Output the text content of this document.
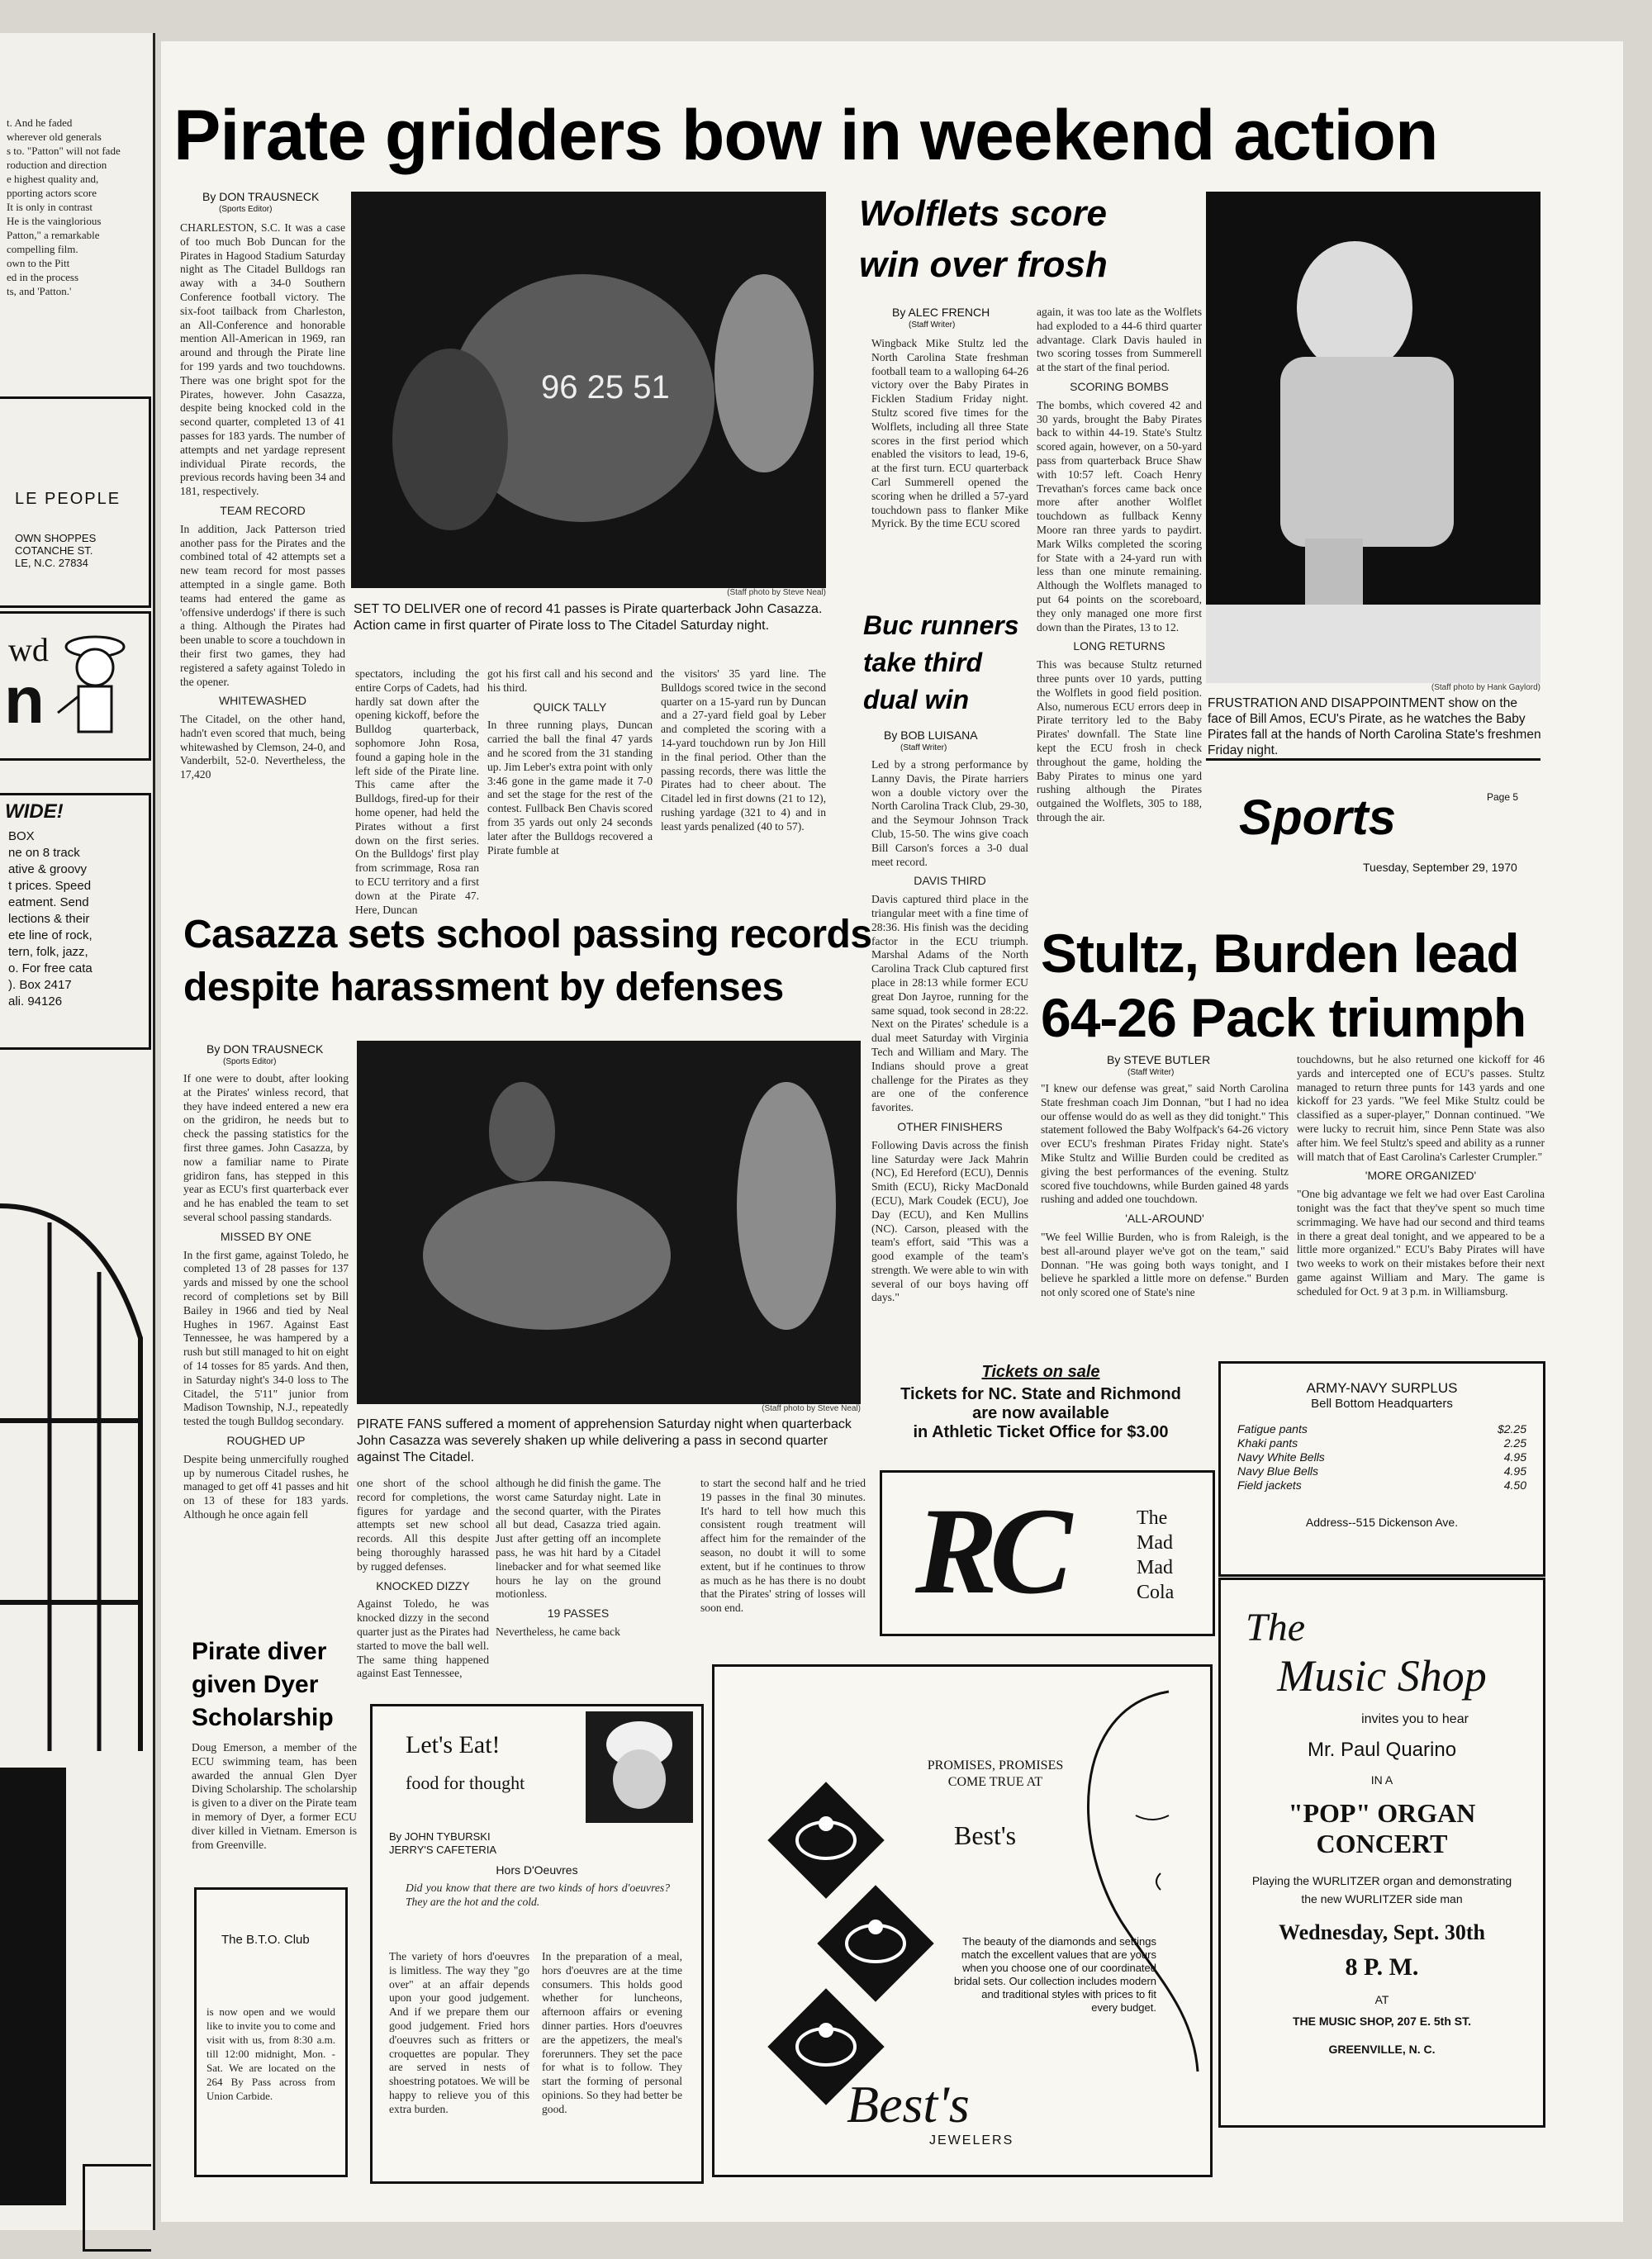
t. And he faded
wherever old generals
s to. "Patton" will not fade
roduction and direction
e highest quality and,
pporting actors score
It is only in contrast
He is the vainglorious
Patton," a remarkable
compelling film.
own to the Pitt
ed in the process
ts, and 'Patton.'
LE PEOPLE
OWN SHOPPES
COTANCHE ST.
LE, N.C. 27834
wd
n
WIDE!
BOX
ne on 8 track
ative & groovy
t prices. Speed
eatment. Send
lections & their
ete line of rock,
tern, folk, jazz,
o. For free cata
). Box 2417
ali. 94126
Pirate gridders bow in weekend action
By DON TRAUSNECK
(Sports Editor)
CHARLESTON, S.C. It was a case of too much Bob Duncan for the Pirates in Hagood Stadium Saturday night as The Citadel Bulldogs ran away with a 34-0 Southern Conference football victory. The six-foot tailback from Charleston, an All-Conference and honorable mention All-American in 1969, ran around and through the Pirate line for 199 yards and two touchdowns. There was one bright spot for the Pirates, however. John Casazza, despite being knocked cold in the second quarter, completed 13 of 41 passes for 183 yards. The number of attempts and net yardage represent individual Pirate records, the previous records having been 34 and 181, respectively.
TEAM RECORD
In addition, Jack Patterson tried another pass for the Pirates and the combined total of 42 attempts set a new team record for most passes attempted in a single game. Both teams had entered the game as 'offensive underdogs' if there is such a thing. Although the Pirates had been unable to score a touchdown in their first two games, they had registered a safety against Toledo in the opener.
WHITEWASHED
The Citadel, on the other hand, hadn't even scored that much, being whitewashed by Clemson, 24-0, and Vanderbilt, 52-0. Nevertheless, the 17,420
96 25 51
(Staff photo by Steve Neal)
SET TO DELIVER one of record 41 passes is Pirate quarterback John Casazza. Action came in first quarter of Pirate loss to The Citadel Saturday night.
spectators, including the entire Corps of Cadets, had hardly sat down after the opening kickoff, before the Bulldog quarterback, sophomore John Rosa, found a gaping hole in the left side of the Pirate line. This came after the Bulldogs, fired-up for their home opener, had held the Pirates without a first down on the first series. On the Bulldogs' first play from scrimmage, Rosa ran to ECU territory and a first down at the Pirate 47. Here, Duncan
got his first call and his second and his third.
QUICK TALLY
In three running plays, Duncan carried the ball the final 47 yards and he scored from the 31 standing up. Jim Leber's extra point with only 3:46 gone in the game made it 7-0 and set the stage for the rest of the contest. Fullback Ben Chavis scored from 35 yards out only 24 seconds later after the Bulldogs recovered a Pirate fumble at
the visitors' 35 yard line. The Bulldogs scored twice in the second quarter on a 15-yard run by Duncan and a 27-yard field goal by Leber and completed the scoring with a 14-yard touchdown run by Jon Hill in the final period. Other than the passing records, there was little the Pirates had to cheer about. The Citadel led in first downs (21 to 12), rushing yardage (321 to 4) and in least yards penalized (40 to 57).
Wolflets score
win over frosh
By ALEC FRENCH
(Staff Writer)
Wingback Mike Stultz led the North Carolina State freshman football team to a walloping 64-26 victory over the Baby Pirates in Ficklen Stadium Friday night. Stultz scored five times for the Wolflets, including all three State scores in the first period which enabled the visitors to lead, 19-6, at the first turn. ECU quarterback Carl Summerell opened the scoring when he drilled a 57-yard touchdown pass to flanker Mike Myrick. By the time ECU scored
again, it was too late as the Wolflets had exploded to a 44-6 third quarter advantage. Clark Davis hauled in two scoring tosses from Summerell at the start of the final period.
SCORING BOMBS
The bombs, which covered 42 and 30 yards, brought the Baby Pirates back to within 44-19. State's Stultz scored again, however, on a 50-yard pass from quarterback Bruce Shaw with 10:57 left. Coach Henry Trevathan's forces came back once more after another Wolflet touchdown as fullback Kenny Moore ran three yards to paydirt. Mark Wilks completed the scoring for State with a 24-yard run with less than one minute remaining. Although the Wolflets managed to put 64 points on the scoreboard, they only managed one more first down than the Pirates, 13 to 12.
LONG RETURNS
This was because Stultz returned three punts over 10 yards, putting the Wolflets in good field position. Also, numerous ECU errors deep in Pirate territory led to the Baby Pirates' downfall. The State line kept the ECU frosh in check throughout the game, holding the Baby Pirates to minus one yard rushing although the Pirates outgained the Wolflets, 305 to 188, through the air.
(Staff photo by Hank Gaylord)
FRUSTRATION AND DISAPPOINTMENT show on the face of Bill Amos, ECU's Pirate, as he watches the Baby Pirates fall at the hands of North Carolina State's freshmen Friday night.
Buc runners
take third
dual win
By BOB LUISANA
(Staff Writer)
Led by a strong performance by Lanny Davis, the Pirate harriers won a double victory over the North Carolina Track Club, 29-30, and the Seymour Johnson Track Club, 15-50. The wins give coach Bill Carson's forces a 3-0 dual meet record.
DAVIS THIRD
Davis captured third place in the triangular meet with a fine time of 28:36. His finish was the deciding factor in the ECU triumph. Marshal Adams of the North Carolina Track Club captured first place in 28:13 while former ECU great Don Jayroe, running for the same squad, took second in 28:22. Next on the Pirates' schedule is a dual meet Saturday with Virginia Tech and William and Mary. The Indians should prove a great challenge for the Pirates as they are one of the conference favorites.
OTHER FINISHERS
Following Davis across the finish line Saturday were Jack Mahrin (NC), Ed Hereford (ECU), Dennis Smith (ECU), Ricky MacDonald (ECU), Mark Coudek (ECU), Joe Day (ECU), and Ken Mullins (NC). Carson, pleased with the team's effort, said "This was a good example of the team's strength. We were able to win with several of our boys having off days."
Sports	Page 5
Tuesday, September 29, 1970
Casazza sets school passing records
despite harassment by defenses
By DON TRAUSNECK
(Sports Editor)
If one were to doubt, after looking at the Pirates' winless record, that they have indeed entered a new era on the gridiron, he needs but to check the passing statistics for the first three games. John Casazza, by now a familiar name to Pirate gridiron fans, has stepped in this year as ECU's first quarterback ever and he has enabled the team to set several school passing standards.
MISSED BY ONE
In the first game, against Toledo, he completed 13 of 28 passes for 137 yards and missed by one the school record of completions set by Bill Bailey in 1966 and tied by Neal Hughes in 1967. Against East Tennessee, he was hampered by a rush but still managed to hit on eight of 14 tosses for 85 yards. And then, in Saturday night's 34-0 loss to The Citadel, the 5'11" junior from Madison Township, N.J., repeatedly tested the tough Bulldog secondary.
ROUGHED UP
Despite being unmercifully roughed up by numerous Citadel rushes, he managed to get off 41 passes and hit on 13 of these for 183 yards. Although he once again fell
(Staff photo by Steve Neal)
PIRATE FANS suffered a moment of apprehension Saturday night when quarterback John Casazza was severely shaken up while delivering a pass in second quarter against The Citadel.
one short of the school record for completions, the figures for yardage and attempts set new school records. All this despite being thoroughly harassed by rugged defenses.
KNOCKED DIZZY
Against Toledo, he was knocked dizzy in the second quarter just as the Pirates had started to move the ball well. The same thing happened against East Tennessee,
although he did finish the game. The worst came Saturday night. Late in the second quarter, with the Pirates all but dead, Casazza tried again. Just after getting off an incomplete pass, he was hit hard by a Citadel linebacker and for what seemed like hours he lay on the ground motionless.
19 PASSES
Nevertheless, he came back
to start the second half and he tried 19 passes in the final 30 minutes. It's hard to tell how much this consistent rough treatment will affect him for the remainder of the season, no doubt it will to some extent, but if he continues to throw as much as he has there is no doubt that the Pirates' string of losses will soon end.
Stultz, Burden lead
64-26 Pack triumph
By STEVE BUTLER
(Staff Writer)
"I knew our defense was great," said North Carolina State freshman coach Jim Donnan, "but I had no idea our offense would do as well as they did tonight." This statement followed the Baby Wolfpack's 64-26 victory over ECU's freshman Pirates Friday night. State's Mike Stultz and Willie Burden could be credited as giving the best performances of the evening. Stultz scored five touchdowns, while Burden gained 48 yards rushing and added one touchdown.
'ALL-AROUND'
"We feel Willie Burden, who is from Raleigh, is the best all-around player we've got on the team," said Donnan. "He was going both ways tonight, and I believe he sparkled a little more on defense." Burden not only scored one of State's nine
touchdowns, but he also returned one kickoff for 46 yards and intercepted one of ECU's passes. Stultz managed to return three punts for 143 yards and one kickoff for 23 yards. "We feel Mike Stultz could be classified as a super-player," Donnan continued. "We were lucky to recruit him, since Penn State was also after him. We feel Stultz's speed and ability as a runner will match that of East Carolina's Carlester Crumpler."
'MORE ORGANIZED'
"One big advantage we felt we had over East Carolina tonight was the fact that they've spent so much time scrimmaging. We have had our second and third teams in there a great deal tonight, and we appeared to be a little more organized." ECU's Baby Pirates will have two weeks to work on their mistakes before their next game against William and Mary. The game is scheduled for Oct. 9 at 3 p.m. in Williamsburg.
Tickets on sale
Tickets for NC. State and Richmond
are now available
in Athletic Ticket Office for $3.00
ARMY-NAVY SURPLUS
Bell Bottom Headquarters
Fatigue pants	$2.25
Khaki pants	2.25
Navy White Bells	4.95
Navy Blue Bells	4.95
Field jackets	4.50
Address--515 Dickenson Ave.
RC	The
Mad
Mad
Cola
The
Music Shop
invites you to hear
Mr. Paul Quarino
IN A
"POP" ORGAN CONCERT
Playing the WURLITZER organ and demonstrating
the new WURLITZER side man
Wednesday, Sept. 30th
8 P. M.
AT
THE MUSIC SHOP, 207 E. 5th ST.
GREENVILLE, N. C.
Pirate diver
given Dyer
Scholarship
Doug Emerson, a member of the ECU swimming team, has been awarded the annual Glen Dyer Diving Scholarship. The scholarship is given to a diver on the Pirate team in memory of Dyer, a former ECU diver killed in Vietnam. Emerson is from Greenville.
The B.T.O. Club
is now open and we would like to invite you to come and visit with us, from 8:30 a.m. till 12:00 midnight, Mon. - Sat. We are located on the 264 By Pass across from Union Carbide.
Let's Eat!
food for thought
By JOHN TYBURSKI
JERRY'S CAFETERIA
Hors D'Oeuvres
Did you know that there are two kinds of hors d'oeuvres? They are the hot and the cold.
The variety of hors d'oeuvres is limitless. The way they "go over" at an affair depends upon your good judgement. And if we prepare them our good judgement. Fried hors d'oeuvres such as fritters or croquettes are popular. They are served in nests of shoestring potatoes. We will be happy to relieve you of this extra burden.
In the preparation of a meal, hors d'oeuvres are at the time consumers. This holds good whether for luncheons, afternoon affairs or evening dinner parties. Hors d'oeuvres are the appetizers, the meal's forerunners. They set the pace for what is to follow. They start the forming of personal opinions. So they had better be good.
PROMISES, PROMISES
COME TRUE AT
Best's
The beauty of the diamonds and settings match the excellent values that are yours when you choose one of our coordinated bridal sets. Our collection includes modern and traditional styles with prices to fit every budget.
Best's
JEWELERS
